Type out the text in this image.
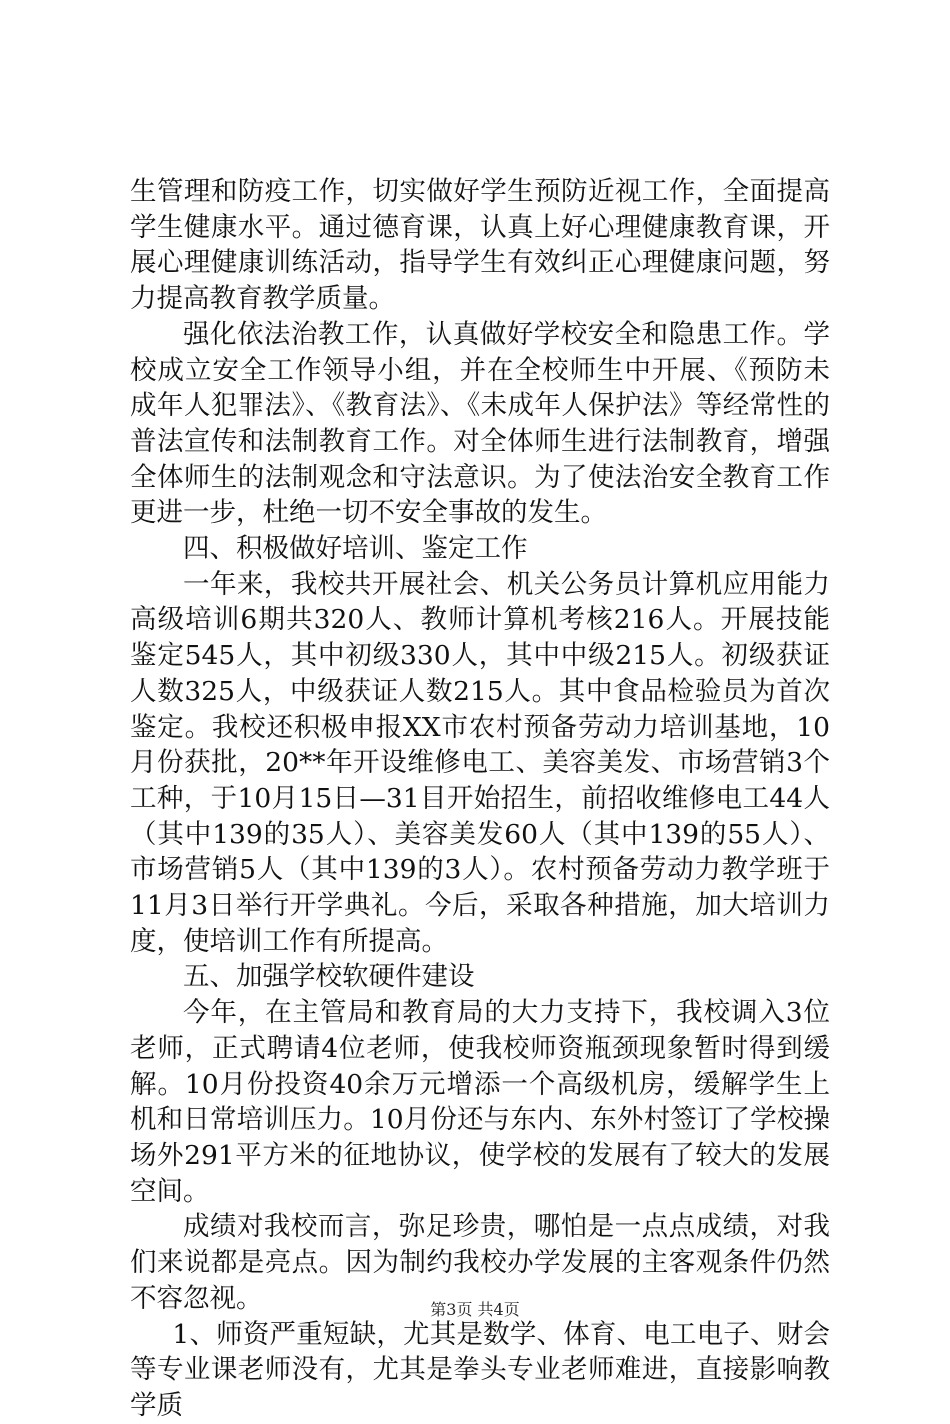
生管理和防疫工作，切实做好学生预防近视工作，全面提高学生健康水平。通过德育课，认真上好心理健康教育课，开展心理健康训练活动，指导学生有效纠正心理健康问题，努力提高教育教学质量。

强化依法治教工作，认真做好学校安全和隐患工作。学校成立安全工作领导小组，并在全校师生中开展、《预防未成年人犯罪法》、《教育法》、《未成年人保护法》等经常性的普法宣传和法制教育工作。对全体师生进行法制教育，增强全体师生的法制观念和守法意识。为了使法治安全教育工作更进一步，杜绝一切不安全事故的发生。

四、积极做好培训、鉴定工作

一年来，我校共开展社会、机关公务员计算机应用能力高级培训6期共320人、教师计算机考核216人。开展技能鉴定545人，其中初级330人，其中中级215人。初级获证人数325人，中级获证人数215人。其中食品检验员为首次鉴定。我校还积极申报XX市农村预备劳动力培训基地，10月份获批，20**年开设维修电工、美容美发、市场营销3个工种，于10月15日—31目开始招生，前招收维修电工44人（其中139的35人）、美容美发60人（其中139的55人）、市场营销5人（其中139的3人）。农村预备劳动力教学班于11月3日举行开学典礼。今后，采取各种措施，加大培训力度，使培训工作有所提高。

五、加强学校软硬件建设

今年，在主管局和教育局的大力支持下，我校调入3位老师，正式聘请4位老师，使我校师资瓶颈现象暂时得到缓解。10月份投资40余万元增添一个高级机房，缓解学生上机和日常培训压力。10月份还与东内、东外村签订了学校操场外291平方米的征地协议，使学校的发展有了较大的发展空间。

成绩对我校而言，弥足珍贵，哪怕是一点点成绩，对我们来说都是亮点。因为制约我校办学发展的主客观条件仍然不容忽视。

1、师资严重短缺，尤其是数学、体育、电工电子、财会等专业课老师没有，尤其是拳头专业老师难进，直接影响教学质

第3页 共4页
